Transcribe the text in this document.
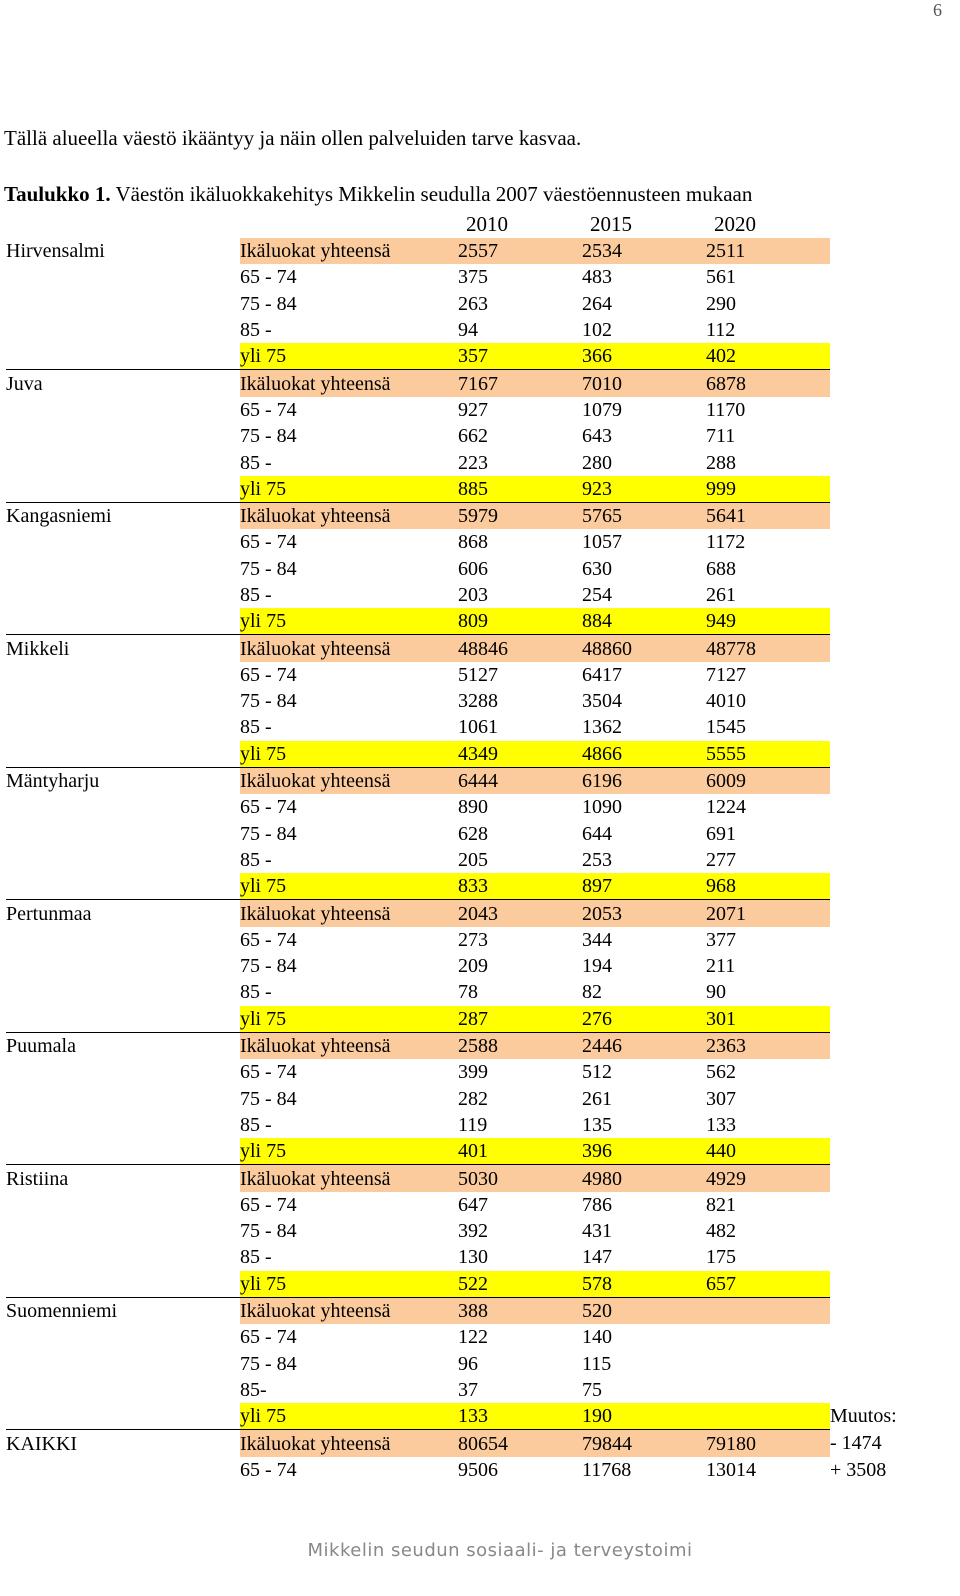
6
Tällä alueella väestö ikääntyy ja näin ollen palveluiden tarve kasvaa.
Taulukko 1. Väestön ikäluokkakehitys Mikkelin seudulla 2007 väestöennusteen mukaan
2010	2015	2020
Hirvensalmi	Ikäluokat yhteensä	2557	2534	2511	
	65 - 74	375	483	561	
	75 - 84	263	264	290	
	85 -	94	102	112	
	yli 75	357	366	402	
Juva	Ikäluokat yhteensä	7167	7010	6878	
	65 - 74	927	1079	1170	
	75 - 84	662	643	711	
	85 -	223	280	288	
	yli 75	885	923	999	
Kangasniemi	Ikäluokat yhteensä	5979	5765	5641	
	65 - 74	868	1057	1172	
	75 - 84	606	630	688	
	85 -	203	254	261	
	yli 75	809	884	949	
Mikkeli	Ikäluokat yhteensä	48846	48860	48778	
	65 - 74	5127	6417	7127	
	75 - 84	3288	3504	4010	
	85 -	1061	1362	1545	
	yli 75	4349	4866	5555	
Mäntyharju	Ikäluokat yhteensä	6444	6196	6009	
	65 - 74	890	1090	1224	
	75 - 84	628	644	691	
	85 -	205	253	277	
	yli 75	833	897	968	
Pertunmaa	Ikäluokat yhteensä	2043	2053	2071	
	65 - 74	273	344	377	
	75 - 84	209	194	211	
	85 -	78	82	90	
	yli 75	287	276	301	
Puumala	Ikäluokat yhteensä	2588	2446	2363	
	65 - 74	399	512	562	
	75 - 84	282	261	307	
	85 -	119	135	133	
	yli 75	401	396	440	
Ristiina	Ikäluokat yhteensä	5030	4980	4929	
	65 - 74	647	786	821	
	75 - 84	392	431	482	
	85 -	130	147	175	
	yli 75	522	578	657	
Suomenniemi	Ikäluokat yhteensä	388	520		
	65 - 74	122	140		
	75 - 84	96	115		
	85-	37	75		
	yli 75	133	190		Muutos:
KAIKKI	Ikäluokat yhteensä	80654	79844	79180	- 1474
	65 - 74	9506	11768	13014	+ 3508
Mikkelin seudun sosiaali- ja terveystoimi
